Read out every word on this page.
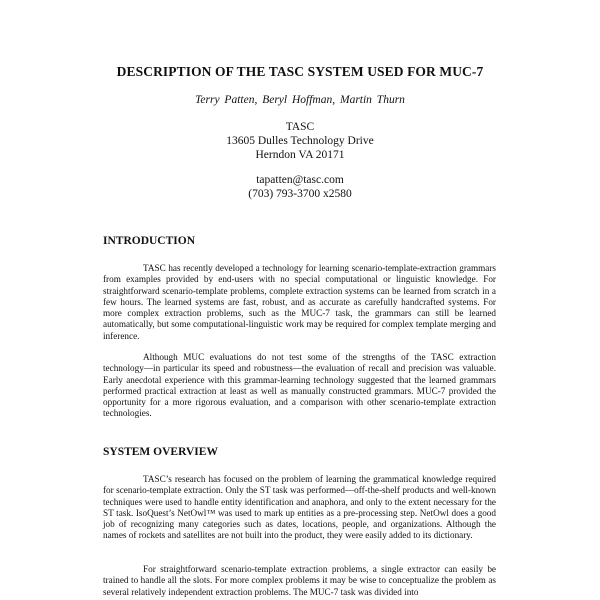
DESCRIPTION OF THE TASC SYSTEM USED FOR MUC-7
Terry Patten, Beryl Hoffman, Martin Thurn
TASC
13605 Dulles Technology Drive
Herndon VA 20171
tapatten@tasc.com
(703) 793-3700 x2580
INTRODUCTION

TASC has recently developed a technology for learning scenario-template-extraction grammars from examples provided by end-users with no special computational or linguistic knowledge. For straightforward scenario-template problems, complete extraction systems can be learned from scratch in a few hours. The learned systems are fast, robust, and as accurate as carefully handcrafted systems. For more complex extraction problems, such as the MUC-7 task, the grammars can still be learned automatically, but some computational-linguistic work may be required for complex template merging and inference.

Although MUC evaluations do not test some of the strengths of the TASC extraction technology—in particular its speed and robustness—the evaluation of recall and precision was valuable. Early anecdotal experience with this grammar-learning technology suggested that the learned grammars performed practical extraction at least as well as manually constructed grammars. MUC-7 provided the opportunity for a more rigorous evaluation, and a comparison with other scenario-template extraction technologies.

SYSTEM OVERVIEW

TASC’s research has focused on the problem of learning the grammatical knowledge required for scenario-template extraction. Only the ST task was performed—off-the-shelf products and well-known techniques were used to handle entity identification and anaphora, and only to the extent necessary for the ST task. IsoQuest’s NetOwl™ was used to mark up entities as a pre-processing step. NetOwl does a good job of recognizing many categories such as dates, locations, people, and organizations. Although the names of rockets and satellites are not built into the product, they were easily added to its dictionary.

For straightforward scenario-template extraction problems, a single extractor can easily be trained to handle all the slots. For more complex problems it may be wise to conceptualize the problem as several relatively independent extraction problems. The MUC-7 task was divided into
